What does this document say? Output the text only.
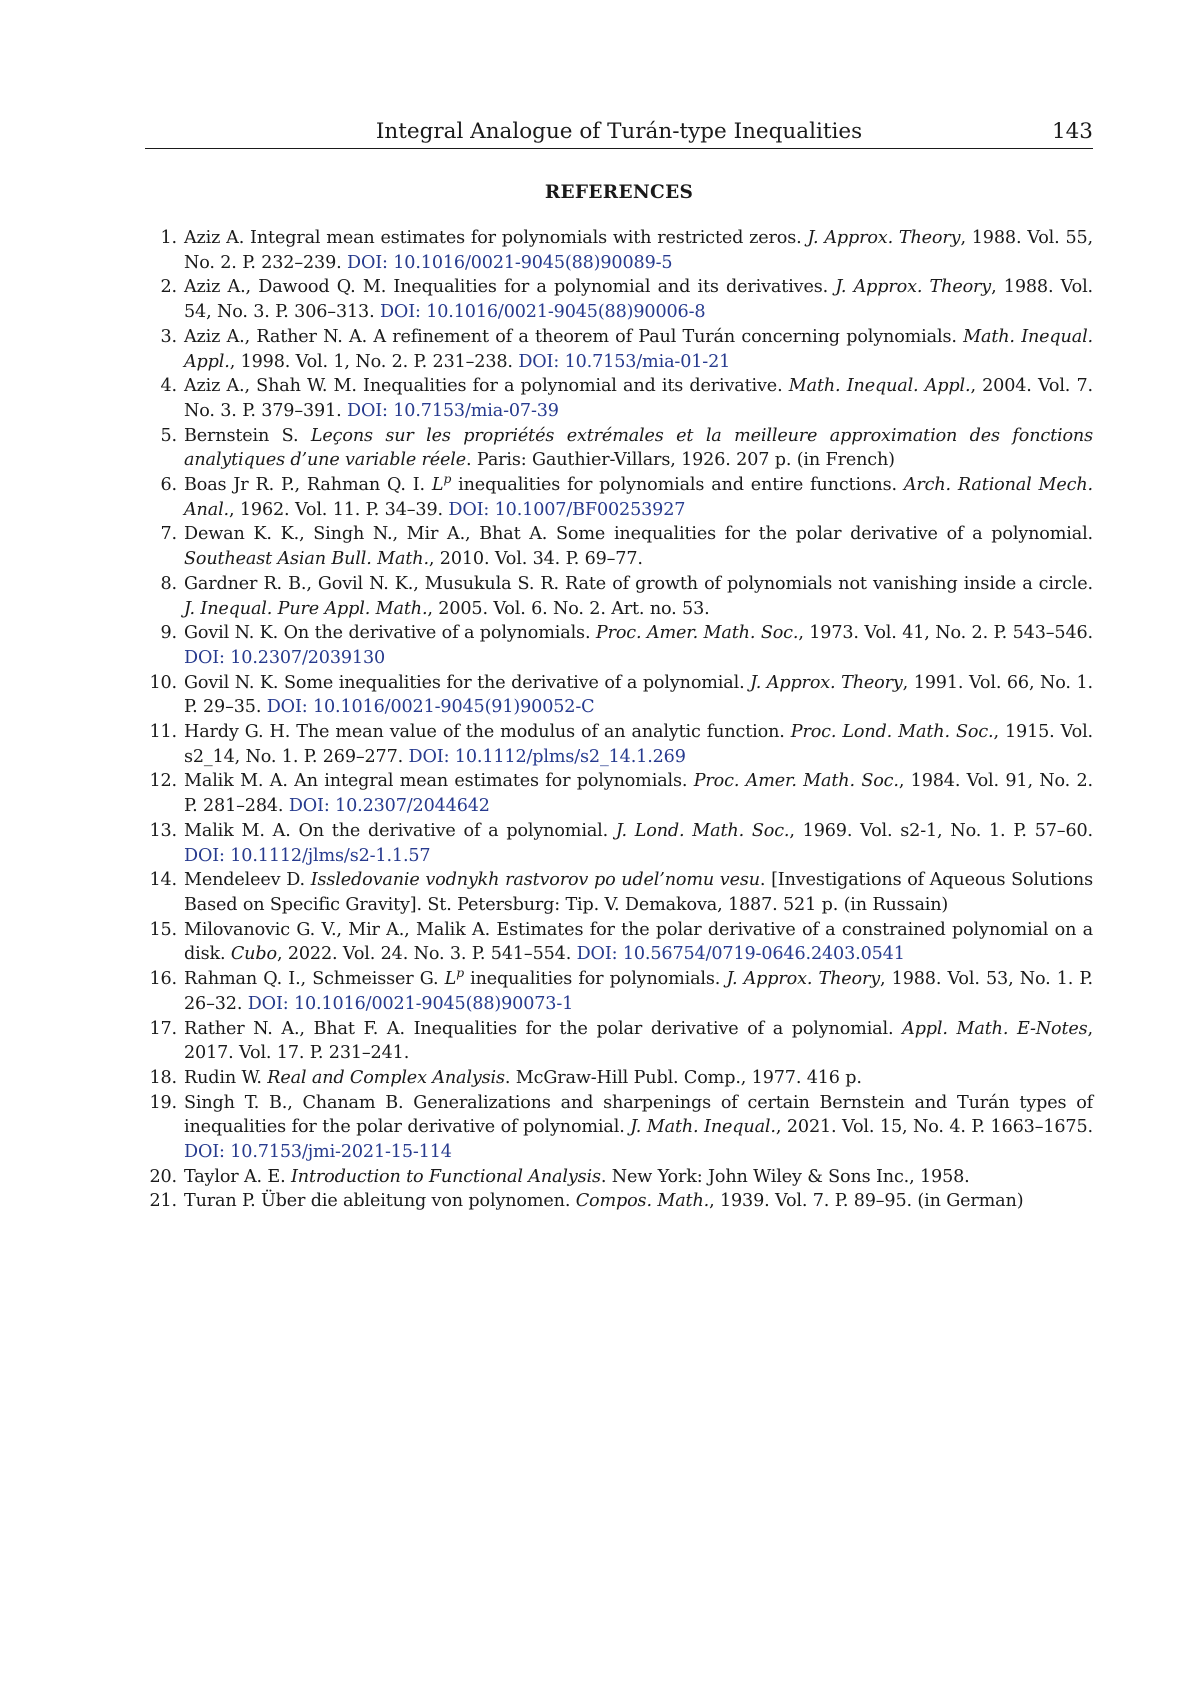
Integral Analogue of Turán-type Inequalities	143
REFERENCES
1. Aziz A. Integral mean estimates for polynomials with restricted zeros. J. Approx. Theory, 1988. Vol. 55, No. 2. P. 232–239. DOI: 10.1016/0021-9045(88)90089-5
2. Aziz A., Dawood Q. M. Inequalities for a polynomial and its derivatives. J. Approx. Theory, 1988. Vol. 54, No. 3. P. 306–313. DOI: 10.1016/0021-9045(88)90006-8
3. Aziz A., Rather N. A. A refinement of a theorem of Paul Turán concerning polynomials. Math. Inequal. Appl., 1998. Vol. 1, No. 2. P. 231–238. DOI: 10.7153/mia-01-21
4. Aziz A., Shah W. M. Inequalities for a polynomial and its derivative. Math. Inequal. Appl., 2004. Vol. 7. No. 3. P. 379–391. DOI: 10.7153/mia-07-39
5. Bernstein S. Leçons sur les propriétés extrémales et la meilleure approximation des fonctions analytiques d’une variable réele. Paris: Gauthier-Villars, 1926. 207 p. (in French)
6. Boas Jr R. P., Rahman Q. I. $L^p$ inequalities for polynomials and entire functions. Arch. Rational Mech. Anal., 1962. Vol. 11. P. 34–39. DOI: 10.1007/BF00253927
7. Dewan K. K., Singh N., Mir A., Bhat A. Some inequalities for the polar derivative of a polynomial. Southeast Asian Bull. Math., 2010. Vol. 34. P. 69–77.
8. Gardner R. B., Govil N. K., Musukula S. R. Rate of growth of polynomials not vanishing inside a circle. J. Inequal. Pure Appl. Math., 2005. Vol. 6. No. 2. Art. no. 53.
9. Govil N. K. On the derivative of a polynomials. Proc. Amer. Math. Soc., 1973. Vol. 41, No. 2. P. 543–546. DOI: 10.2307/2039130
10. Govil N. K. Some inequalities for the derivative of a polynomial. J. Approx. Theory, 1991. Vol. 66, No. 1. P. 29–35. DOI: 10.1016/0021-9045(91)90052-C
11. Hardy G. H. The mean value of the modulus of an analytic function. Proc. Lond. Math. Soc., 1915. Vol. s2_14, No. 1. P. 269–277. DOI: 10.1112/plms/s2_14.1.269
12. Malik M. A. An integral mean estimates for polynomials. Proc. Amer. Math. Soc., 1984. Vol. 91, No. 2. P. 281–284. DOI: 10.2307/2044642
13. Malik M. A. On the derivative of a polynomial. J. Lond. Math. Soc., 1969. Vol. s2-1, No. 1. P. 57–60. DOI: 10.1112/jlms/s2-1.1.57
14. Mendeleev D. Issledovanie vodnykh rastvorov po udel’nomu vesu. [Investigations of Aqueous Solutions Based on Specific Gravity]. St. Petersburg: Tip. V. Demakova, 1887. 521 p. (in Russain)
15. Milovanovic G. V., Mir A., Malik A. Estimates for the polar derivative of a constrained polynomial on a disk. Cubo, 2022. Vol. 24. No. 3. P. 541–554. DOI: 10.56754/0719-0646.2403.0541
16. Rahman Q. I., Schmeisser G. $L^p$ inequalities for polynomials. J. Approx. Theory, 1988. Vol. 53, No. 1. P. 26–32. DOI: 10.1016/0021-9045(88)90073-1
17. Rather N. A., Bhat F. A. Inequalities for the polar derivative of a polynomial. Appl. Math. E-Notes, 2017. Vol. 17. P. 231–241.
18. Rudin W. Real and Complex Analysis. McGraw-Hill Publ. Comp., 1977. 416 p.
19. Singh T. B., Chanam B. Generalizations and sharpenings of certain Bernstein and Turán types of inequalities for the polar derivative of polynomial. J. Math. Inequal., 2021. Vol. 15, No. 4. P. 1663–1675. DOI: 10.7153/jmi-2021-15-114
20. Taylor A. E. Introduction to Functional Analysis. New York: John Wiley & Sons Inc., 1958.
21. Turan P. Über die ableitung von polynomen. Compos. Math., 1939. Vol. 7. P. 89–95. (in German)
